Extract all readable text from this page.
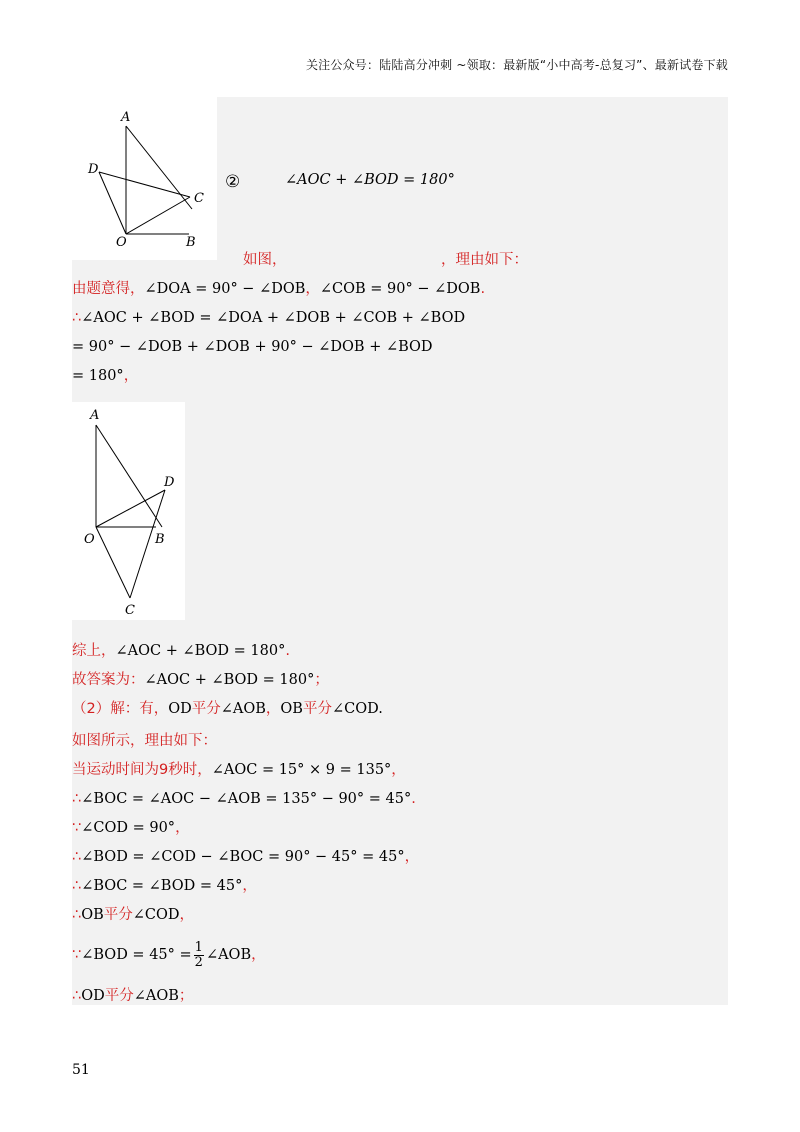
关注公众号：陆陆高分冲刺 ~领取：最新版“小中高考-总复习”、最新试卷下载
A
D
C
O	B
②	∠AOC + ∠BOD = 180°
如图，	，理由如下：
由题意得，∠DOA = 90° − ∠DOB，∠COB = 90° − ∠DOB.
∴∠AOC + ∠BOD = ∠DOA + ∠DOB + ∠COB + ∠BOD
= 90° − ∠DOB + ∠DOB + 90° − ∠DOB + ∠BOD
= 180°，
A
D
O	B
C
综上，∠AOC + ∠BOD = 180°.
故答案为：∠AOC + ∠BOD = 180°；
（2）解：有，OD平分∠AOB，OB平分∠COD.
如图所示，理由如下：
当运动时间为9秒时，∠AOC = 15° × 9 = 135°，
∴∠BOC = ∠AOC − ∠AOB = 135° − 90° = 45°.
∵∠COD = 90°，
∴∠BOD = ∠COD − ∠BOC = 90° − 45° = 45°，
∴∠BOC = ∠BOD = 45°，
∴OB平分∠COD，
∵∠BOD = $45^\circ = \frac{1}{2}$ ∠AOB，
∴OD平分∠AOB；
51
